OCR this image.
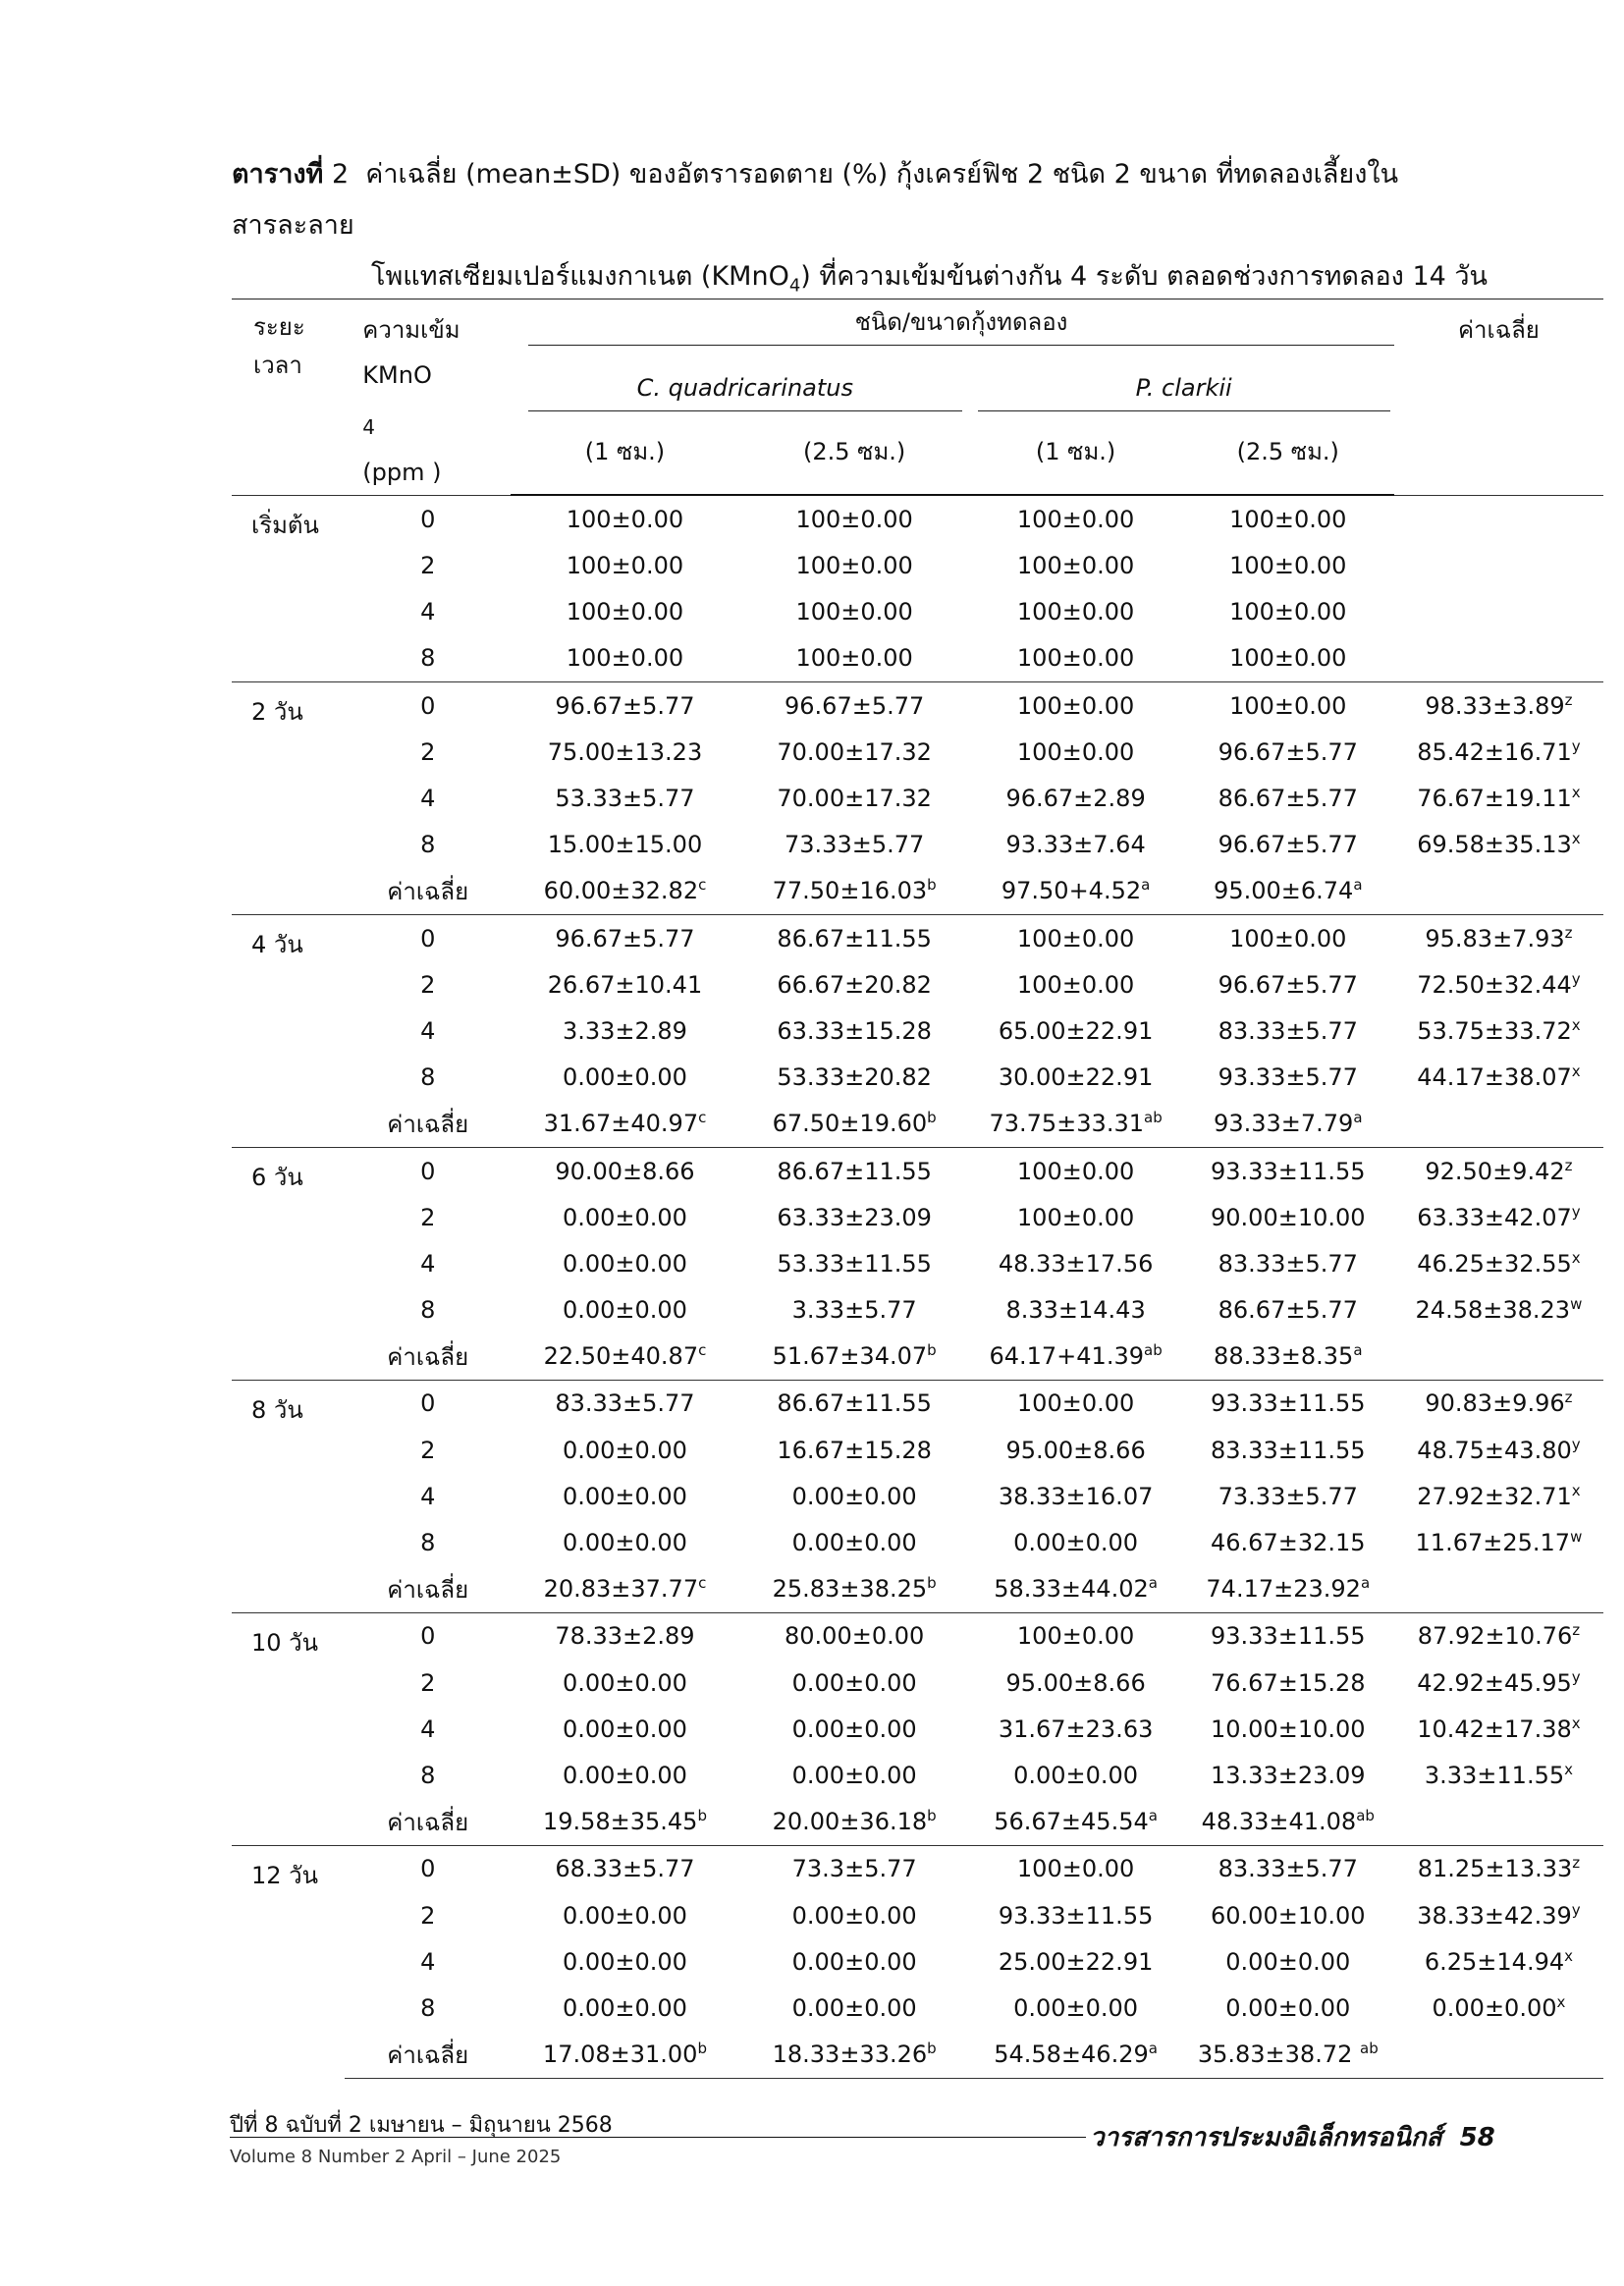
ตารางที่ 2 ค่าเฉลี่ย (mean±SD) ของอัตรารอดตาย (%) กุ้งเครย์ฟิช 2 ชนิด 2 ขนาด ที่ทดลองเลี้ยงในสารละลาย
โพแทสเซียมเปอร์แมงกาเนต (KMnO$_4$) ที่ความเข้มข้นต่างกัน 4 ระดับ ตลอดช่วงการทดลอง 14 วัน
ระยะ
เวลา	ความเข้ม KMnO
$_4$
(ppm )	ชนิด/ขนาดกุ้งทดลอง				ค่าเฉลี่ย

		C. quadricarinatus		P. clarkii		

		(1 ซม.)	(2.5 ซม.)	(1 ซม.)	(2.5 ซม.)	
เริ่มต้น	0	100±0.00	100±0.00	100±0.00	100±0.00	
	2	100±0.00	100±0.00	100±0.00	100±0.00	
	4	100±0.00	100±0.00	100±0.00	100±0.00	
	8	100±0.00	100±0.00	100±0.00	100±0.00	
2 วัน	0	96.67±5.77	96.67±5.77	100±0.00	100±0.00	$98.33\pm 3.89^z$
	2	75.00±13.23	70.00±17.32	100±0.00	96.67±5.77	$85.42\pm 16.71^y$
	4	53.33±5.77	70.00±17.32	96.67±2.89	86.67±5.77	$76.67\pm 19.11^x$
	8	15.00±15.00	73.33±5.77	93.33±7.64	96.67±5.77	$69.58\pm 35.13^x$
	ค่าเฉลี่ย	60.00±32.82$^c$	77.50±16.03$^b$	97.50+4.52$^a$	95.00±6.74$^a$	
4 วัน	0	96.67±5.77	86.67±11.55	100±0.00	100±0.00	$95.83\pm 7.93^z$
	2	26.67±10.41	66.67±20.82	100±0.00	96.67±5.77	$72.50\pm 32.44^y$
	4	3.33±2.89	63.33±15.28	65.00±22.91	83.33±5.77	$53.75\pm 33.72^x$
	8	0.00±0.00	53.33±20.82	30.00±22.91	93.33±5.77	$44.17\pm 38.07^x$
	ค่าเฉลี่ย	31.67±40.97$^c$	67.50±19.60$^b$	73.75±33.31$^{ab}$	93.33±7.79$^a$	
6 วัน	0	90.00±8.66	86.67±11.55	100±0.00	93.33±11.55	$92.50\pm 9.42^z$
	2	0.00±0.00	63.33±23.09	100±0.00	90.00±10.00	$63.33\pm 42.07^y$
	4	0.00±0.00	53.33±11.55	48.33±17.56	83.33±5.77	$46.25\pm 32.55^x$
	8	0.00±0.00	3.33±5.77	8.33±14.43	86.67±5.77	$24.58\pm 38.23^w$
	ค่าเฉลี่ย	22.50±40.87$^c$	51.67±34.07$^b$	64.17+41.39$^{ab}$	88.33±8.35$^a$	
8 วัน	0	83.33±5.77	86.67±11.55	100±0.00	93.33±11.55	$90.83\pm 9.96^z$
	2	0.00±0.00	16.67±15.28	95.00±8.66	83.33±11.55	$48.75\pm 43.80^y$
	4	0.00±0.00	0.00±0.00	38.33±16.07	73.33±5.77	$27.92\pm 32.71^x$
	8	0.00±0.00	0.00±0.00	0.00±0.00	46.67±32.15	$11.67\pm 25.17^w$
	ค่าเฉลี่ย	20.83±37.77$^c$	25.83±38.25$^b$	58.33±44.02$^a$	74.17±23.92$^a$	
10 วัน	0	78.33±2.89	80.00±0.00	100±0.00	93.33±11.55	$87.92\pm 10.76^z$
	2	0.00±0.00	0.00±0.00	95.00±8.66	76.67±15.28	$42.92\pm 45.95^y$
	4	0.00±0.00	0.00±0.00	31.67±23.63	10.00±10.00	$10.42\pm 17.38^x$
	8	0.00±0.00	0.00±0.00	0.00±0.00	13.33±23.09	$3.33\pm 11.55^x$
	ค่าเฉลี่ย	19.58±35.45$^b$	20.00±36.18$^b$	56.67±45.54$^a$	48.33±41.08$^{ab}$	
12 วัน	0	68.33±5.77	73.3±5.77	100±0.00	83.33±5.77	$81.25\pm 13.33^z$
	2	0.00±0.00	0.00±0.00	93.33±11.55	60.00±10.00	$38.33\pm 42.39^y$
	4	0.00±0.00	0.00±0.00	25.00±22.91	0.00±0.00	$6.25\pm 14.94^x$
	8	0.00±0.00	0.00±0.00	0.00±0.00	0.00±0.00	$0.00\pm 0.00^x$
	ค่าเฉลี่ย	17.08±31.00$^b$	18.33±33.26$^b$	54.58±46.29$^a$	35.83±38.72 $^{ab}$	
ปีที่ 8 ฉบับที่ 2 เมษายน – มิถุนายน 2568	วารสารการประมงอิเล็กทรอนิกส์ 58
Volume 8 Number 2 April – June 2025
